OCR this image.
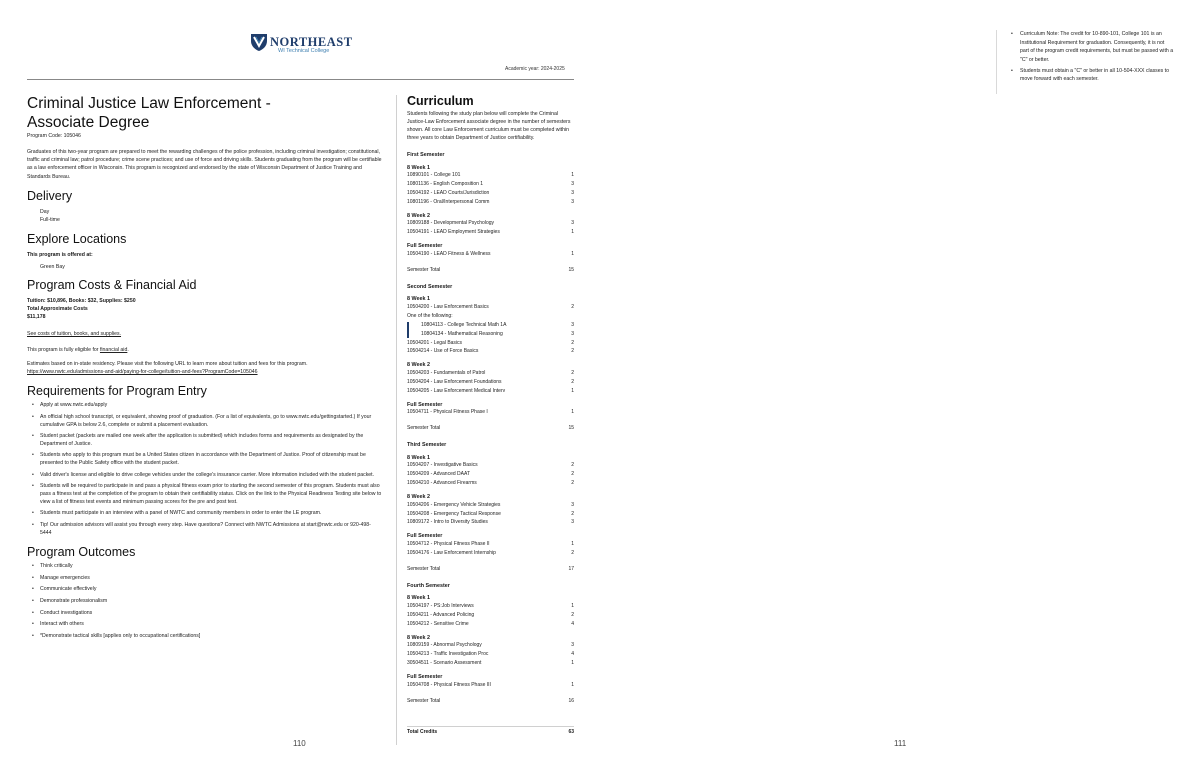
NORTHEAST
WI Technical College
Academic year: 2024-2025
Criminal Justice Law Enforcement -
Associate Degree
Program Code: 105046

Graduates of this two-year program are prepared to meet the rewarding challenges of the police profession, including criminal investigation; constitutional, traffic and criminal law; patrol procedure; crime scene practices; and use of force and driving skills. Students graduating from the program will be certifiable as a law enforcement officer in Wisconsin. This program is recognized and endorsed by the state of Wisconsin Department of Justice Training and Standards Bureau.

Delivery
Day
Full-time
Explore Locations
This program is offered at:
Green Bay
Program Costs & Financial Aid
Tuition: $10,896, Books: $32, Supplies: $250
Total Approximate Costs
$11,178
See costs of tuition, books, and supplies.

This program is fully eligible for financial aid.

Estimates based on in-state residency. Please visit the following URL to learn more about tuition and fees for this program.
https://www.nwtc.edu/admissions-and-aid/paying-for-college/tuition-and-fees?ProgramCode=105046

Requirements for Program Entry
• Apply at www.nwtc.edu/apply
• An official high school transcript, or equivalent, showing proof of graduation. (For a list of equivalents, go to www.nwtc.edu/gettingstarted.) If your cumulative GPA is below 2.6, complete or submit a placement evaluation.
• Student packet (packets are mailed one week after the application is submitted) which includes forms and requirements as designated by the Department of Justice.
• Students who apply to this program must be a United States citizen in accordance with the Department of Justice. Proof of citizenship must be presented to the Public Safety office with the student packet.
• Valid driver's license and eligible to drive college vehicles under the college's insurance carrier. More information included with the student packet.
• Students will be required to participate in and pass a physical fitness exam prior to starting the second semester of this program. Students must also pass a fitness test at the completion of the program to obtain their certifiability status. Click on the link to the Physical Readiness Testing site below to view a list of fitness test events and minimum passing scores for the pre and post test.
• Students must participate in an interview with a panel of NWTC and community members in order to enter the LE program.
• Tip! Our admission advisors will assist you through every step. Have questions? Connect with NWTC Admissions at start@nwtc.edu or 920-498-5444
Program Outcomes
• Think critically
• Manage emergencies
• Communicate effectively
• Demonstrate professionalism
• Conduct investigations
• Interact with others
• *Demonstrate tactical skills [applies only to occupational certifications]
Curriculum

Students following the study plan below will complete the Criminal Justice-Law Enforcement associate degree in the number of semesters shown. All core Law Enforcement curriculum must be completed within three years to obtain Department of Justice certifiability.

First Semester
8 Week 1
10890101 - College 101	1
10801136 - English Composition 1	3
10504192 - LEAD Courts/Jurisdiction	3
10801196 - Oral/Interpersonal Comm	3
8 Week 2
10809188 - Developmental Psychology	3
10504191 - LEAD Employment Strategies	1
Full Semester
10504190 - LEAD Fitness & Wellness	1
Semester Total	15
Second Semester
8 Week 1
10504200 - Law Enforcement Basics	2
One of the following:
10804113 - College Technical Math 1A	3
10804134 - Mathematical Reasoning	3
10504201 - Legal Basics	2
10504214 - Use of Force Basics	2
8 Week 2
10504203 - Fundamentals of Patrol	2
10504204 - Law Enforcement Foundations	2
10504205 - Law Enforcement Medical Interv	1
Full Semester
10504711 - Physical Fitness Phase I	1
Semester Total	15
Third Semester
8 Week 1
10504207 - Investigative Basics	2
10504209 - Advanced DAAT	2
10504210 - Advanced Firearms	2
8 Week 2
10504206 - Emergency Vehicle Strategies	3
10504208 - Emergency Tactical Response	2
10809172 - Intro to Diversity Studies	3
Full Semester
10504712 - Physical Fitness Phase II	1
10504176 - Law Enforcement Internship	2
Semester Total	17
Fourth Semester
8 Week 1
10504197 - PS:Job Interviews	1
10504211 - Advanced Policing	2
10504212 - Sensitive Crime	4
8 Week 2
10809159 - Abnormal Psychology	3
10504213 - Traffic Investigation Proc	4
30504511 - Scenario Assessment	1
Full Semester
10504708 - Physical Fitness Phase III	1
Semester Total	16
Total Credits	63
110	111
• Curriculum Note: The credit for 10-890-101, College 101 is an Institutional Requirement for graduation. Consequently, it is not part of the program credit requirements, but must be passed with a "C" or better.
• Students must obtain a "C" or better in all 10-504-XXX classes to move forward with each semester.
